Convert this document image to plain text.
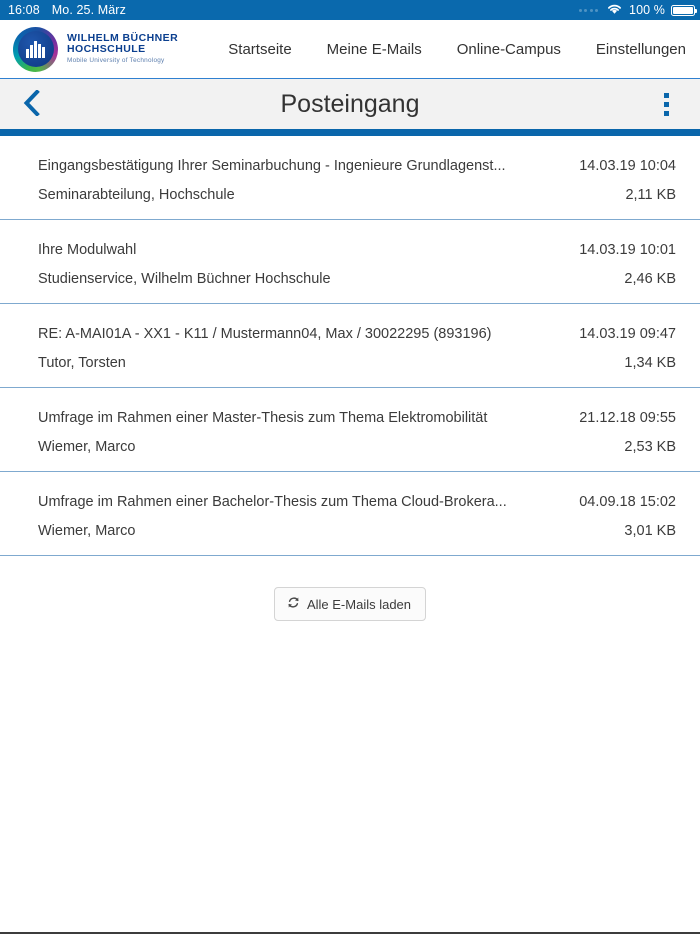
16:08 Mo. 25. März	100 %
WILHELM BÜCHNER
HOCHSCHULE
Mobile University of Technology
Startseite Meine E-Mails Online-Campus Einstellungen
Posteingang
Eingangsbestätigung Ihrer Seminarbuchung - Ingenieure Grundlagenst...	14.03.19 10:04
Seminarabteilung, Hochschule	2,11 KB
Ihre Modulwahl	14.03.19 10:01
Studienservice, Wilhelm Büchner Hochschule	2,46 KB
RE: A-MAI01A - XX1 - K11 / Mustermann04, Max / 30022295 (893196)	14.03.19 09:47
Tutor, Torsten	1,34 KB
Umfrage im Rahmen einer Master-Thesis zum Thema Elektromobilität	21.12.18 09:55
Wiemer, Marco	2,53 KB
Umfrage im Rahmen einer Bachelor-Thesis zum Thema Cloud-Brokera...	04.09.18 15:02
Wiemer, Marco	3,01 KB
Alle E-Mails laden
